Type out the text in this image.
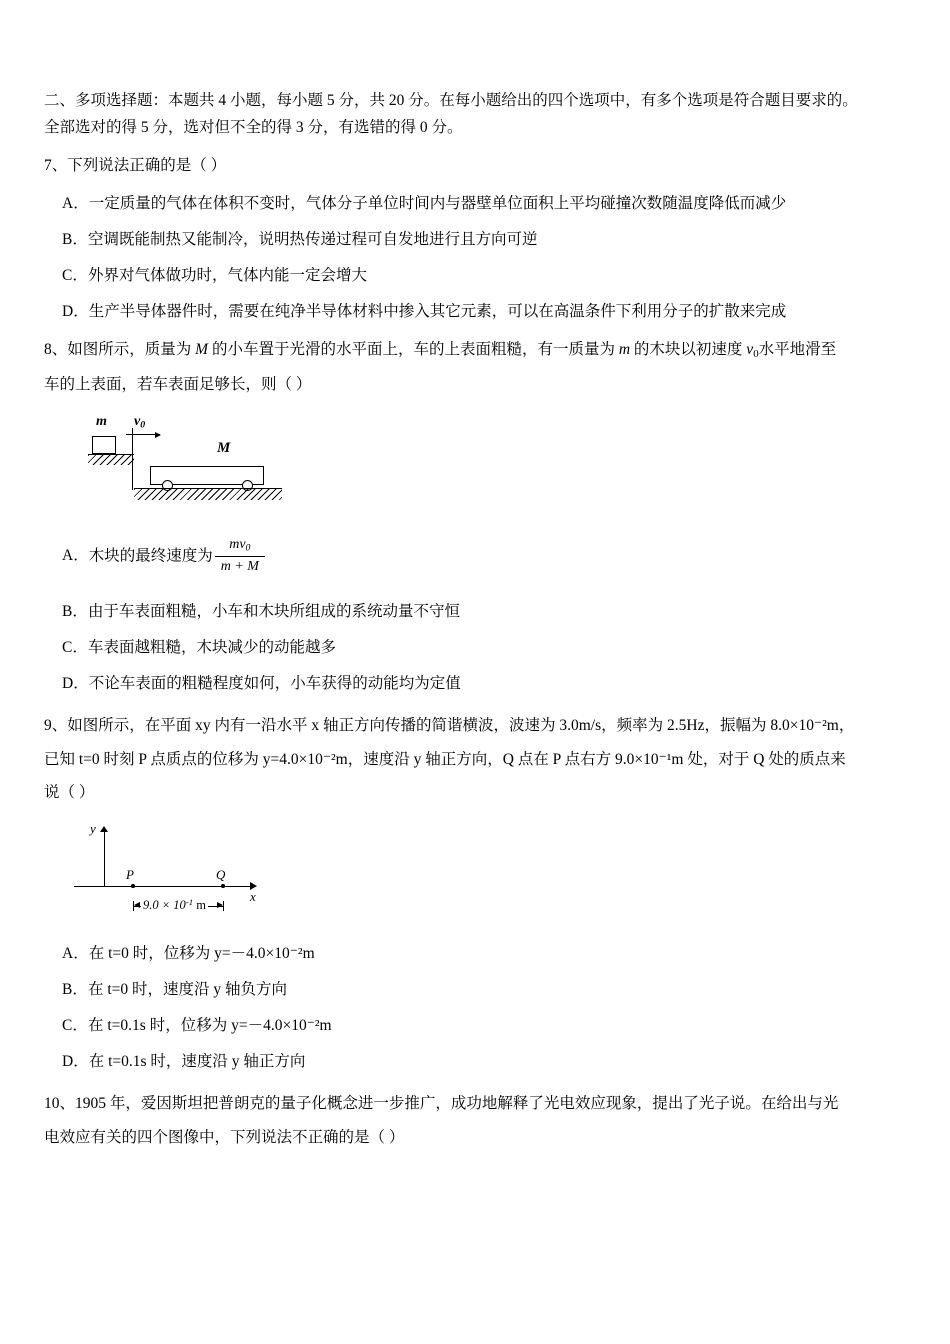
二、多项选择题：本题共 4 小题，每小题 5 分，共 20 分。在每小题给出的四个选项中，有多个选项是符合题目要求的。
全部选对的得 5 分，选对但不全的得 3 分，有选错的得 0 分。
7、下列说法正确的是（ ）
A．一定质量的气体在体积不变时，气体分子单位时间内与器壁单位面积上平均碰撞次数随温度降低而减少
B．空调既能制热又能制冷，说明热传递过程可自发地进行且方向可逆
C．外界对气体做功时，气体内能一定会增大
D．生产半导体器件时，需要在纯净半导体材料中掺入其它元素，可以在高温条件下利用分子的扩散来完成
8、如图所示，质量为 M 的小车置于光滑的水平面上，车的上表面粗糙，有一质量为 m 的木块以初速度 $v_0$水平地滑至
车的上表面，若车表面足够长，则（ ）
m $v_0$
M
A．木块的最终速度为 $\frac{mv_0}{m + M}$
B．由于车表面粗糙，小车和木块所组成的系统动量不守恒
C．车表面越粗糙，木块减少的动能越多
D．不论车表面的粗糙程度如何，小车获得的动能均为定值
9、如图所示，在平面 xy 内有一沿水平 x 轴正方向传播的简谐横波，波速为 3.0m/s，频率为 2.5Hz，振幅为 8.0×10⁻²m，
已知 t=0 时刻 P 点质点的位移为 y=4.0×10⁻²m，速度沿 y 轴正方向，Q 点在 P 点右方 9.0×10⁻¹m 处，对于 Q 处的质点来
说（ ）
y
x
P	Q
$9.0 \times 10^{-1}$ m
A．在 t=0 时，位移为 y=－4.0×10⁻²m
B．在 t=0 时，速度沿 y 轴负方向
C．在 t=0.1s 时，位移为 y=－4.0×10⁻²m
D．在 t=0.1s 时，速度沿 y 轴正方向
10、1905 年，爱因斯坦把普朗克的量子化概念进一步推广，成功地解释了光电效应现象，提出了光子说。在给出与光
电效应有关的四个图像中，下列说法不正确的是（ ）
